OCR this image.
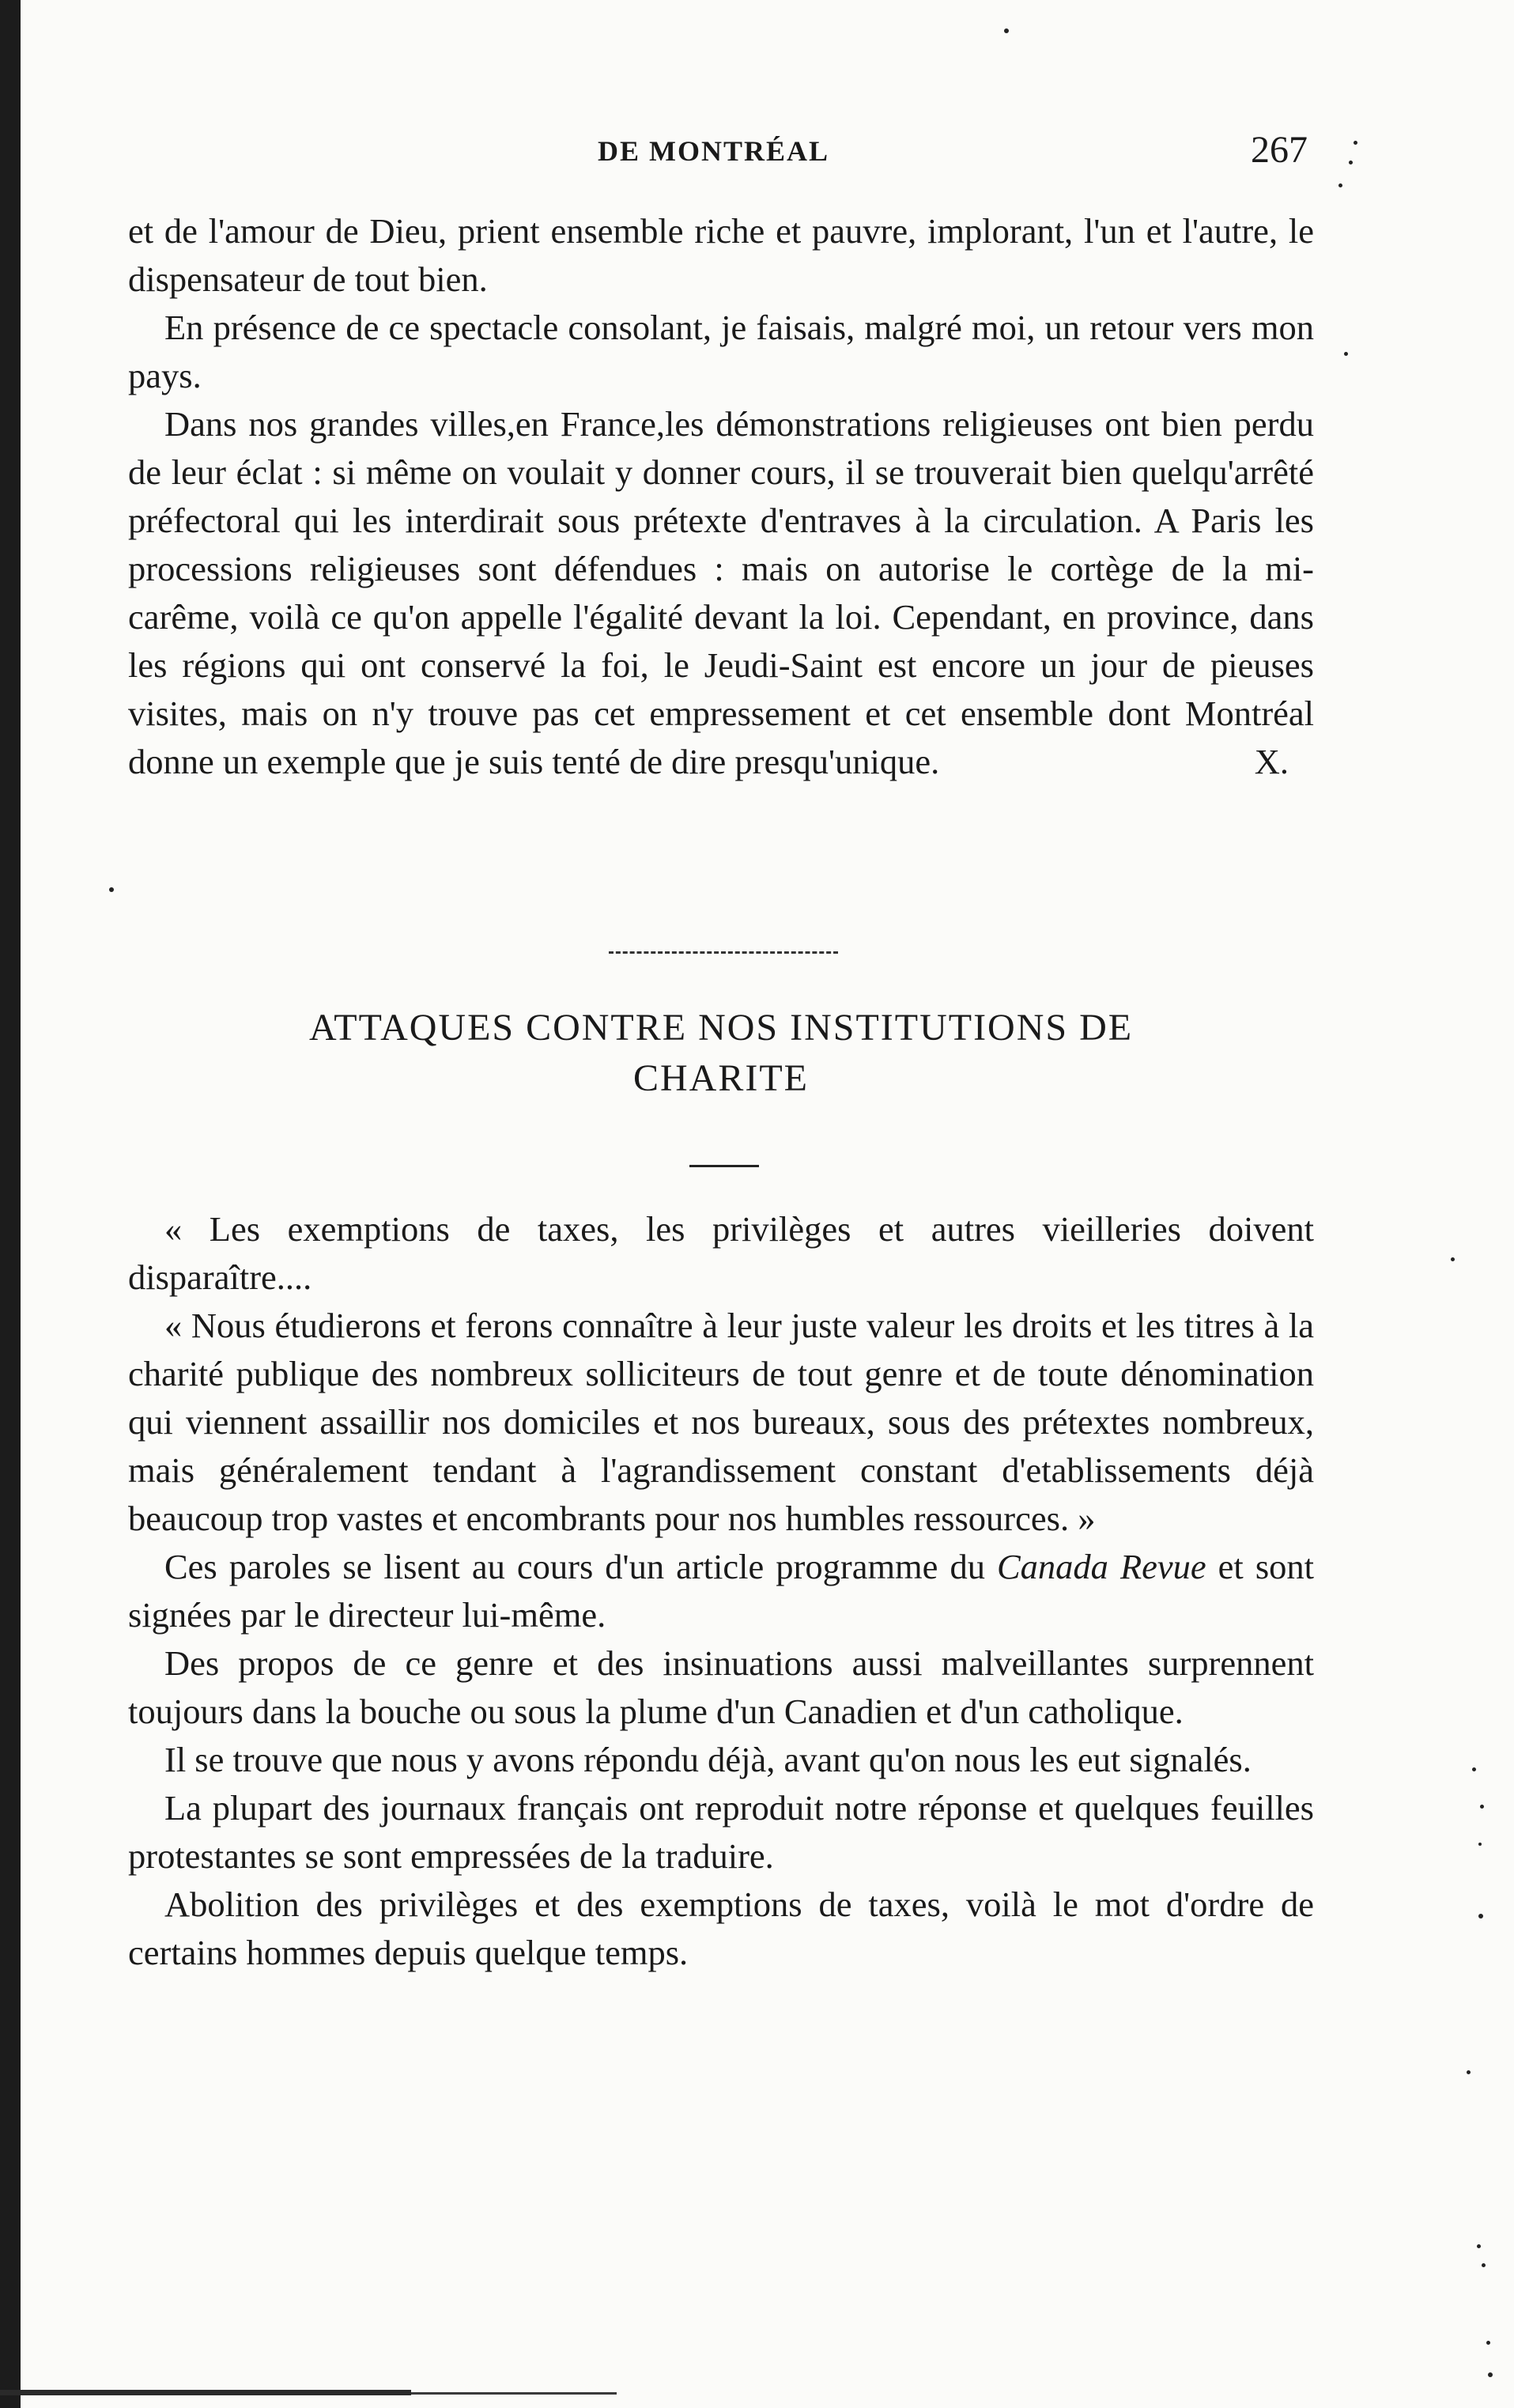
DE MONTRÉAL	267

et de l'amour de Dieu, prient ensemble riche et pauvre, implorant, l'un et l'autre, le dispensateur de tout bien.

En présence de ce spectacle consolant, je faisais, malgré moi, un retour vers mon pays.

Dans nos grandes villes,en France,les démonstrations religieuses ont bien perdu de leur éclat : si même on voulait y donner cours, il se trouverait bien quelqu'arrêté préfectoral qui les interdirait sous prétexte d'entraves à la circulation. A Paris les processions religieuses sont défendues : mais on autorise le cortège de la mi-carême, voilà ce qu'on appelle l'égalité devant la loi. Cependant, en province, dans les régions qui ont conservé la foi, le Jeudi-Saint est encore un jour de pieuses visites, mais on n'y trouve pas cet empressement et cet ensemble dont Montréal donne un exemple que je suis tenté de dire presqu'unique.	X.

ATTAQUES CONTRE NOS INSTITUTIONS DE
CHARITE

« Les exemptions de taxes, les privilèges et autres vieilleries doivent disparaître....

« Nous étudierons et ferons connaître à leur juste valeur les droits et les titres à la charité publique des nombreux solliciteurs de tout genre et de toute dénomination qui viennent assaillir nos domiciles et nos bureaux, sous des prétextes nombreux, mais généralement tendant à l'agrandissement constant d'etablissements déjà beaucoup trop vastes et encombrants pour nos humbles ressources. »

Ces paroles se lisent au cours d'un article programme du Canada Revue et sont signées par le directeur lui-même.

Des propos de ce genre et des insinuations aussi malveillantes surprennent toujours dans la bouche ou sous la plume d'un Canadien et d'un catholique.

Il se trouve que nous y avons répondu déjà, avant qu'on nous les eut signalés.

La plupart des journaux français ont reproduit notre réponse et quelques feuilles protestantes se sont empressées de la traduire.

Abolition des privilèges et des exemptions de taxes, voilà le mot d'ordre de certains hommes depuis quelque temps.
